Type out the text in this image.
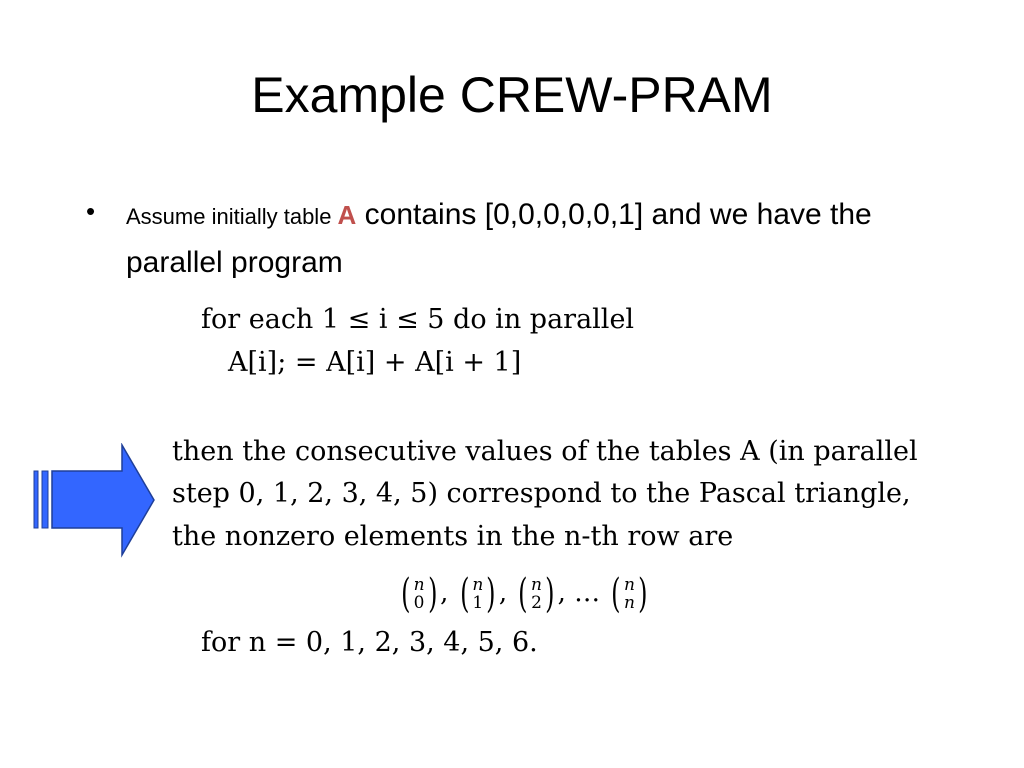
Example CREW-PRAM
• Assume initially table A contains [0,0,0,0,0,1] and we have the parallel program
for each 1 ≤ i ≤ 5 do in parallel
A[i]; = A[i] + A[i + 1]
then the consecutive values of the tables A (in parallel
step 0, 1, 2, 3, 4, 5) correspond to the Pascal triangle,
the nonzero elements in the n-th row are
( n
0 ) , ( n
1 ) , ( n
2 ) , … ( n
n )
for n = 0, 1, 2, 3, 4, 5, 6.
